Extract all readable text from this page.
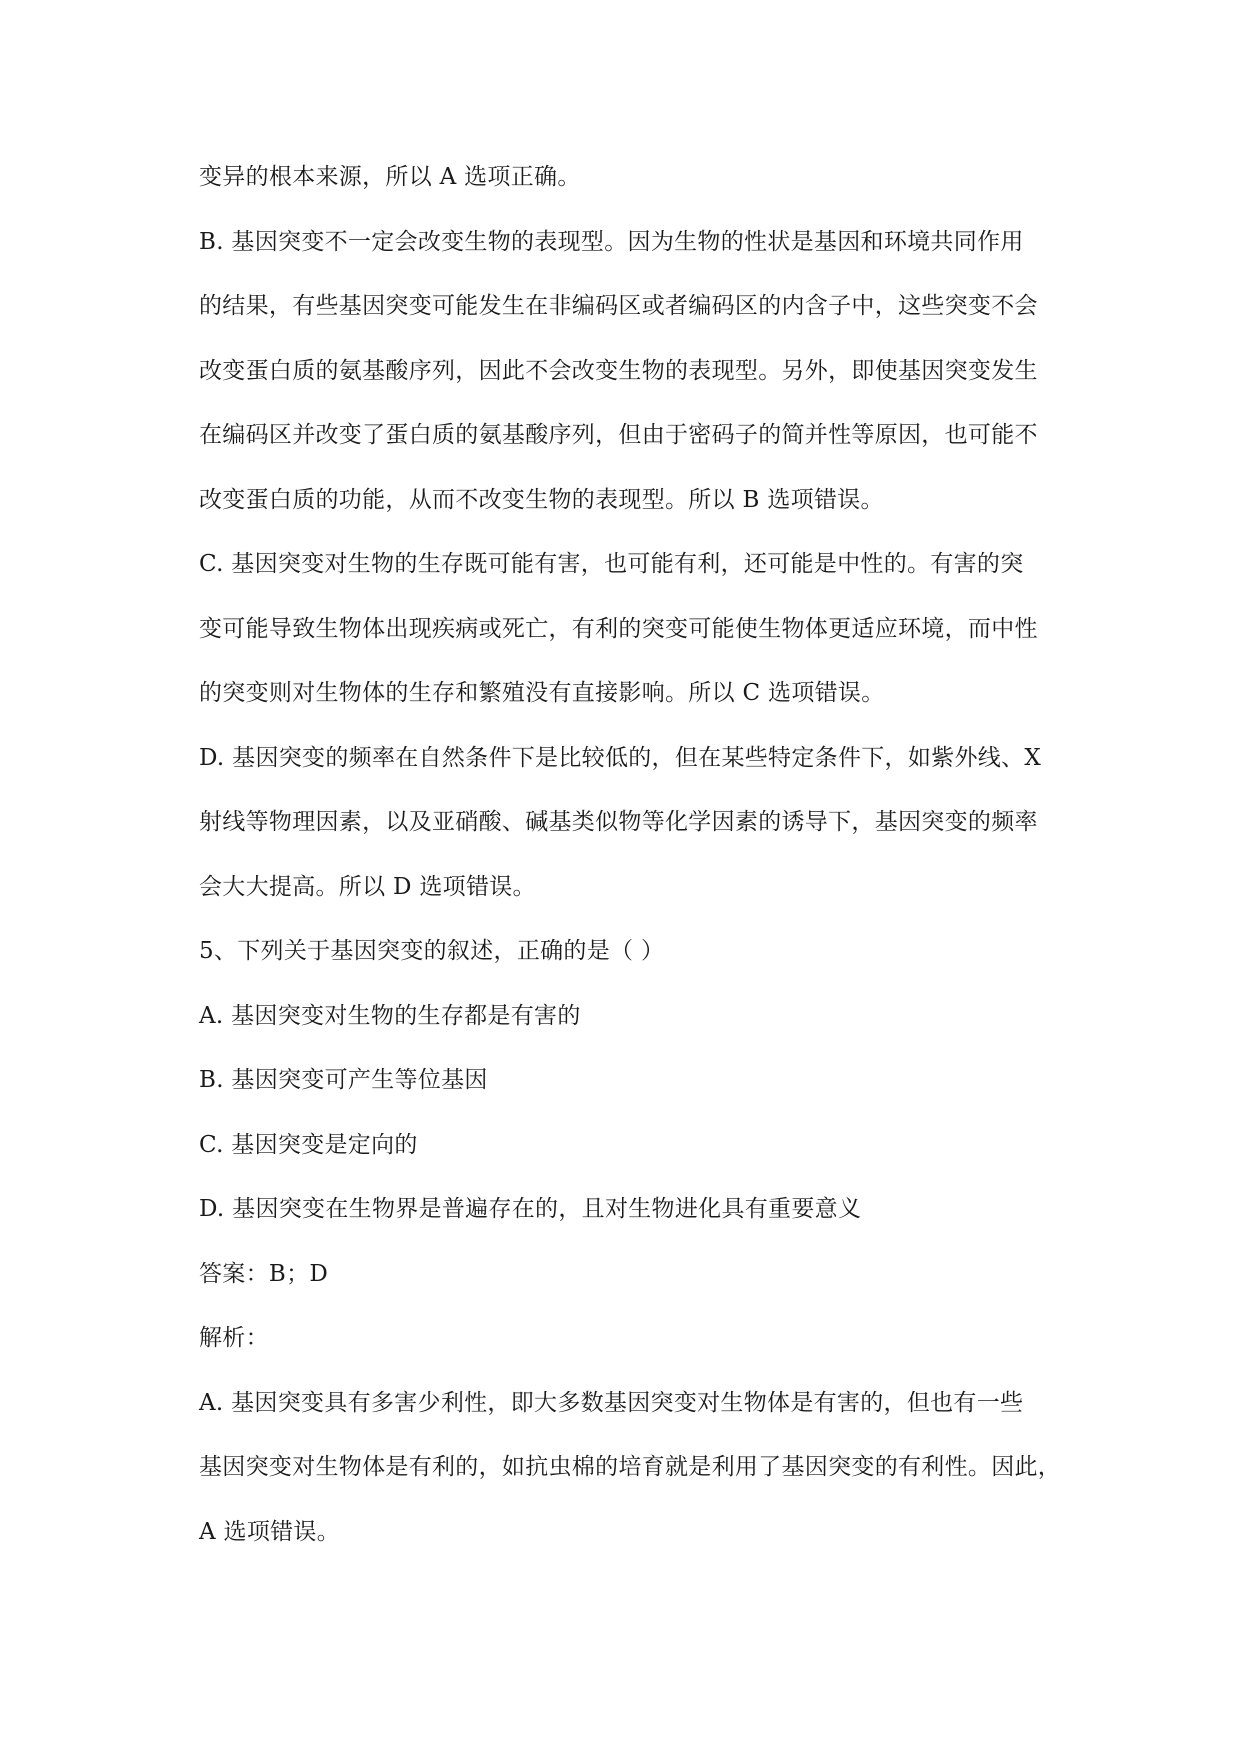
变异的根本来源，所以 A 选项正确。

B. 基因突变不一定会改变生物的表现型。因为生物的性状是基因和环境共同作用

的结果，有些基因突变可能发生在非编码区或者编码区的内含子中，这些突变不会

改变蛋白质的氨基酸序列，因此不会改变生物的表现型。另外，即使基因突变发生

在编码区并改变了蛋白质的氨基酸序列，但由于密码子的简并性等原因，也可能不

改变蛋白质的功能，从而不改变生物的表现型。所以 B 选项错误。

C. 基因突变对生物的生存既可能有害，也可能有利，还可能是中性的。有害的突

变可能导致生物体出现疾病或死亡，有利的突变可能使生物体更适应环境，而中性

的突变则对生物体的生存和繁殖没有直接影响。所以 C 选项错误。

D. 基因突变的频率在自然条件下是比较低的，但在某些特定条件下，如紫外线、X

射线等物理因素，以及亚硝酸、碱基类似物等化学因素的诱导下，基因突变的频率

会大大提高。所以 D 选项错误。

5、下列关于基因突变的叙述，正确的是（ ）

A. 基因突变对生物的生存都是有害的

B. 基因突变可产生等位基因

C. 基因突变是定向的

D. 基因突变在生物界是普遍存在的，且对生物进化具有重要意义

答案：B；D

解析：

A. 基因突变具有多害少利性，即大多数基因突变对生物体是有害的，但也有一些

基因突变对生物体是有利的，如抗虫棉的培育就是利用了基因突变的有利性。因此，

A 选项错误。
